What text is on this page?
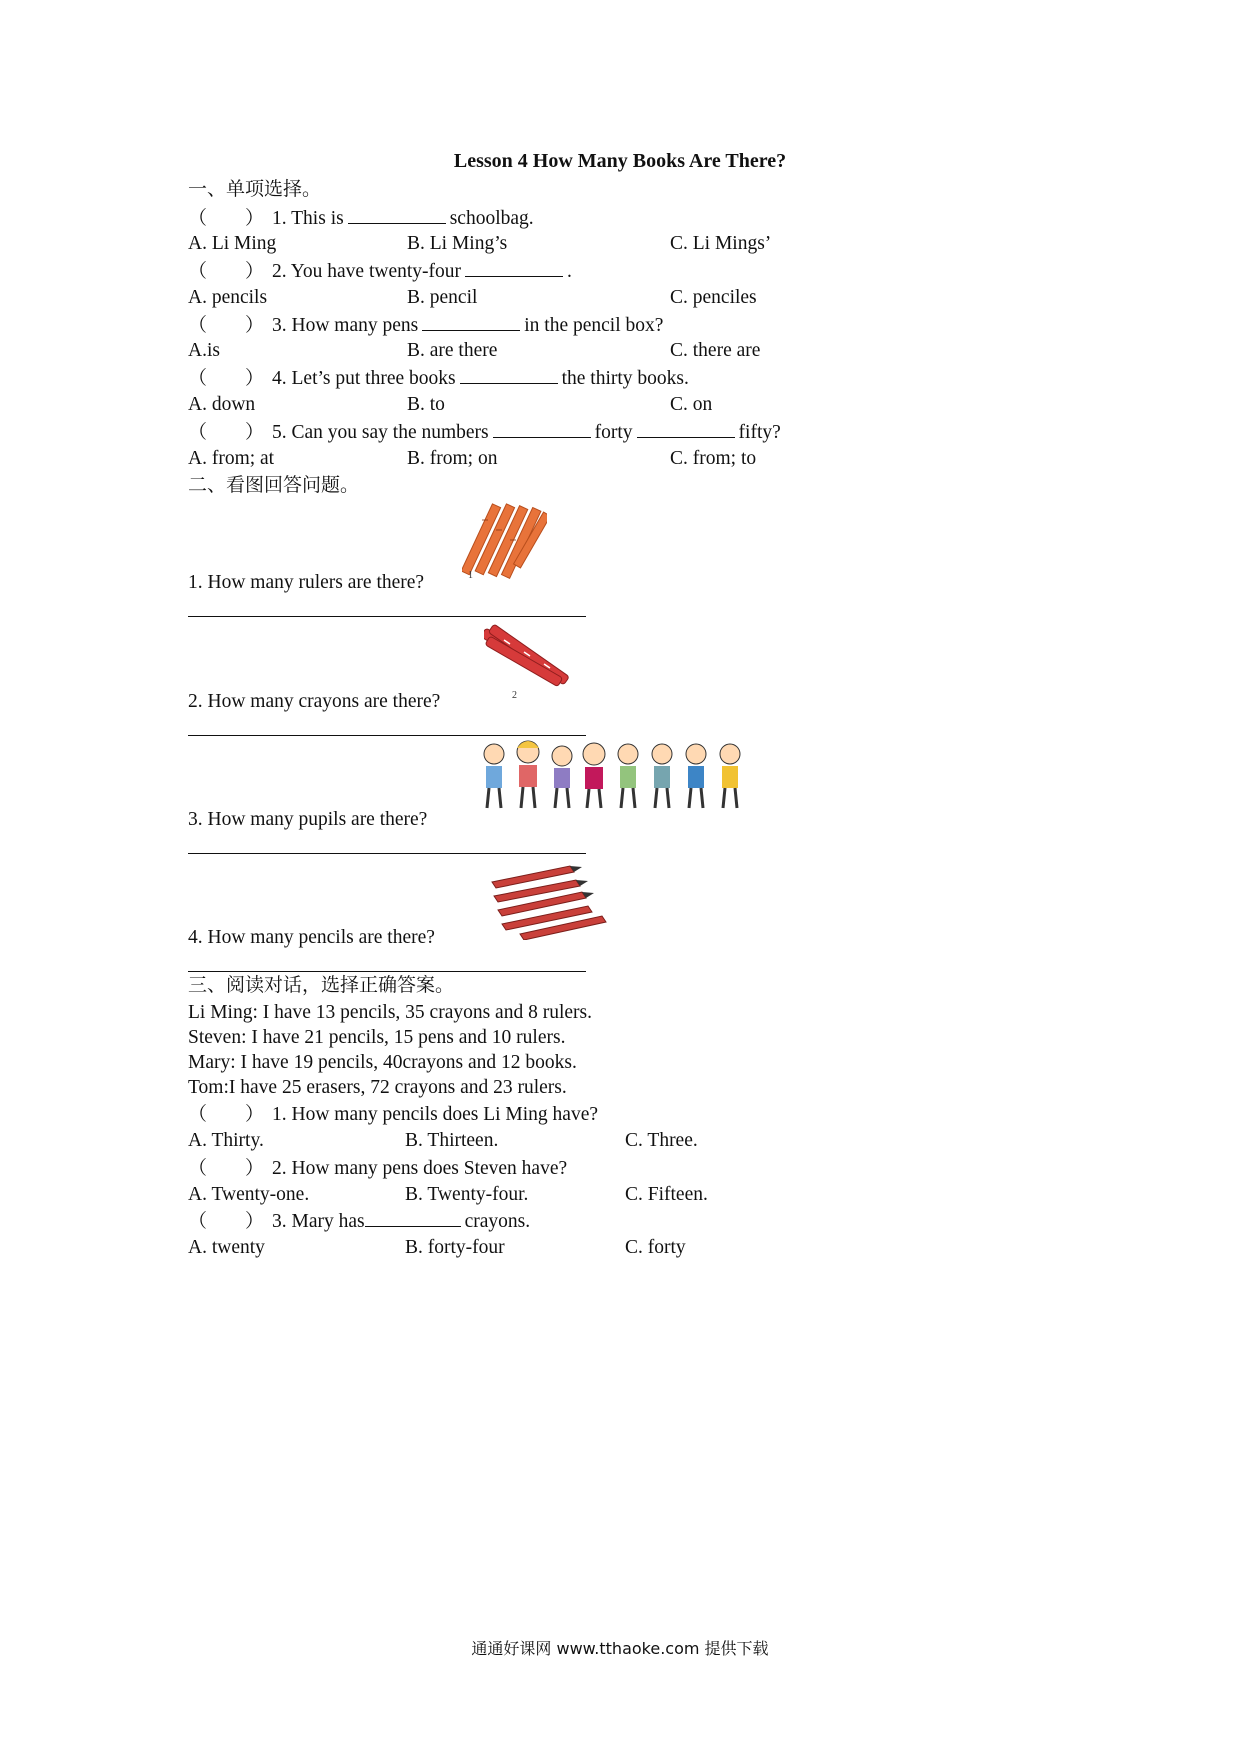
Lesson 4 How Many Books Are There?
一、单项选择。
（　　） 1. This is	schoolbag.
A. Li Ming	B. Li Ming’s	C. Li Mings’
（　　） 2. You have twenty-four	.
A. pencils	B. pencil	C. penciles
（　　） 3. How many pens	in the pencil box?
A.is	B. are there	C. there are
（　　） 4. Let’s put three books	the thirty books.
A. down	B. to	C. on
（　　） 5. Can you say the numbers	forty	fifty?
A. from; at	B. from; on	C. from; to
二、看图回答问题。
1
1. How many rulers are there?
2
2. How many crayons are there?
3. How many pupils are there?
4. How many pencils are there?
三、阅读对话，选择正确答案。
Li Ming: I have 13 pencils, 35 crayons and 8 rulers.
Steven: I have 21 pencils, 15 pens and 10 rulers.
Mary: I have 19 pencils, 40crayons and 12 books.
Tom:I have 25 erasers, 72 crayons and 23 rulers.
（　　） 1. How many pencils does Li Ming have?
A. Thirty.	B. Thirteen.	C. Three.
（　　） 2. How many pens does Steven have?
A. Twenty-one.	B. Twenty-four.	C. Fifteen.
（　　） 3. Mary has	crayons.
A. twenty	B. forty-four	C. forty
通通好课网 www.tthaoke.com 提供下载
